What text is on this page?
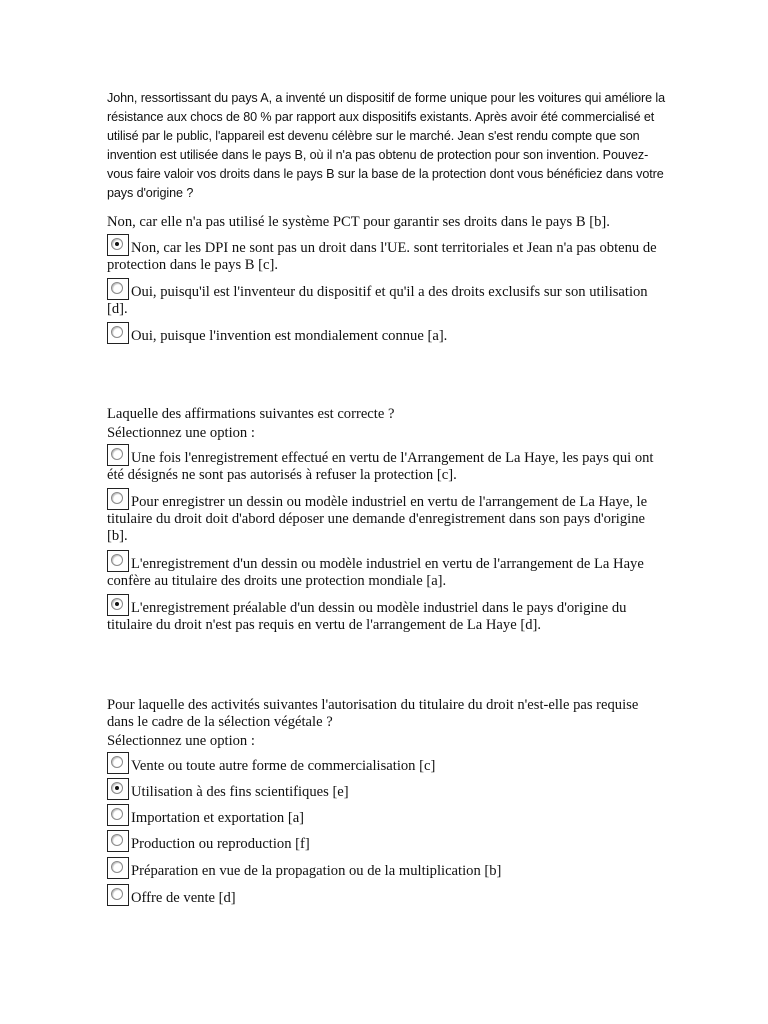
John, ressortissant du pays A, a inventé un dispositif de forme unique pour les voitures qui améliore la résistance aux chocs de 80 % par rapport aux dispositifs existants. Après avoir été commercialisé et utilisé par le public, l'appareil est devenu célèbre sur le marché. Jean s'est rendu compte que son invention est utilisée dans le pays B, où il n'a pas obtenu de protection pour son invention. Pouvez-vous faire valoir vos droits dans le pays B sur la base de la protection dont vous bénéficiez dans votre pays d'origine ?
Non, car elle n'a pas utilisé le système PCT pour garantir ses droits dans le pays B [b].
Non, car les DPI ne sont pas un droit dans l'UE. sont territoriales et Jean n'a pas obtenu de protection dans le pays B [c].
Oui, puisqu'il est l'inventeur du dispositif et qu'il a des droits exclusifs sur son utilisation [d].
Oui, puisque l'invention est mondialement connue [a].
Laquelle des affirmations suivantes est correcte ?
Sélectionnez une option :
Une fois l'enregistrement effectué en vertu de l'Arrangement de La Haye, les pays qui ont été désignés ne sont pas autorisés à refuser la protection [c].
Pour enregistrer un dessin ou modèle industriel en vertu de l'arrangement de La Haye, le titulaire du droit doit d'abord déposer une demande d'enregistrement dans son pays d'origine [b].
L'enregistrement d'un dessin ou modèle industriel en vertu de l'arrangement de La Haye confère au titulaire des droits une protection mondiale [a].
L'enregistrement préalable d'un dessin ou modèle industriel dans le pays d'origine du titulaire du droit n'est pas requis en vertu de l'arrangement de La Haye [d].
Pour laquelle des activités suivantes l'autorisation du titulaire du droit n'est-elle pas requise dans le cadre de la sélection végétale ?
Sélectionnez une option :
Vente ou toute autre forme de commercialisation [c]
Utilisation à des fins scientifiques [e]
Importation et exportation [a]
Production ou reproduction [f]
Préparation en vue de la propagation ou de la multiplication [b]
Offre de vente [d]
